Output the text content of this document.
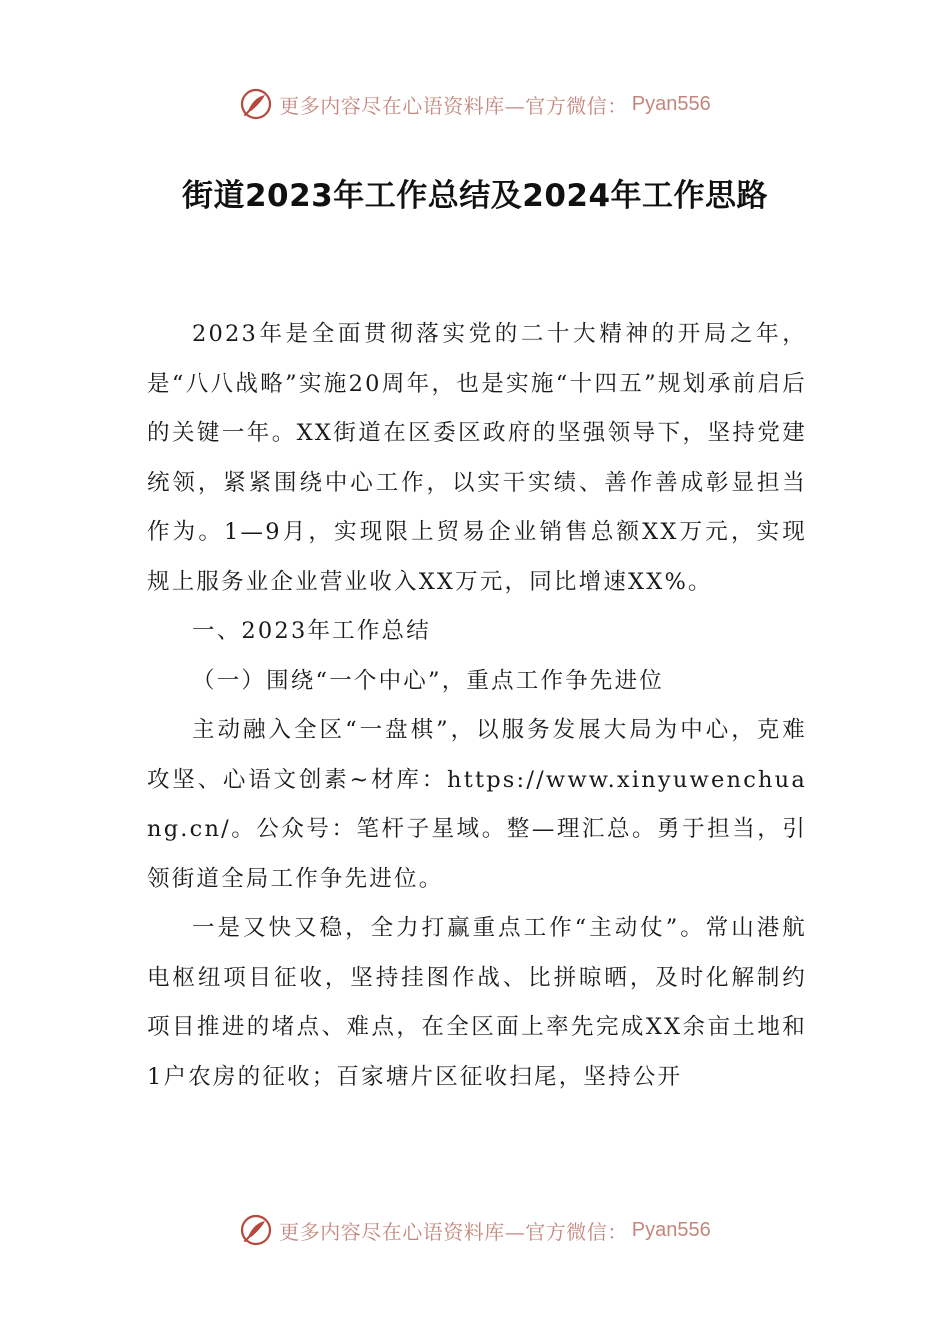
更多内容尽在心语资料库—官方微信： Pyan556
街道2023年工作总结及2024年工作思路

2023年是全面贯彻落实党的二十大精神的开局之年，是“八八战略”实施20周年，也是实施“十四五”规划承前启后的关键一年。XX街道在区委区政府的坚强领导下，坚持党建统领，紧紧围绕中心工作，以实干实绩、善作善成彰显担当作为。1—9月，实现限上贸易企业销售总额XX万元，实现规上服务业企业营业收入XX万元，同比增速XX%。

一、2023年工作总结

（一）围绕“一个中心”，重点工作争先进位

主动融入全区“一盘棋”，以服务发展大局为中心，克难攻坚、心语文创素~材库：https://www.xinyuwenchuang.cn/。公众号：笔杆子星域。整—理汇总。勇于担当，引领街道全局工作争先进位。

一是又快又稳，全力打赢重点工作“主动仗”。常山港航电枢纽项目征收，坚持挂图作战、比拼晾晒，及时化解制约项目推进的堵点、难点，在全区面上率先完成XX余亩土地和1户农房的征收；百家塘片区征收扫尾，坚持公开

更多内容尽在心语资料库—官方微信： Pyan556
